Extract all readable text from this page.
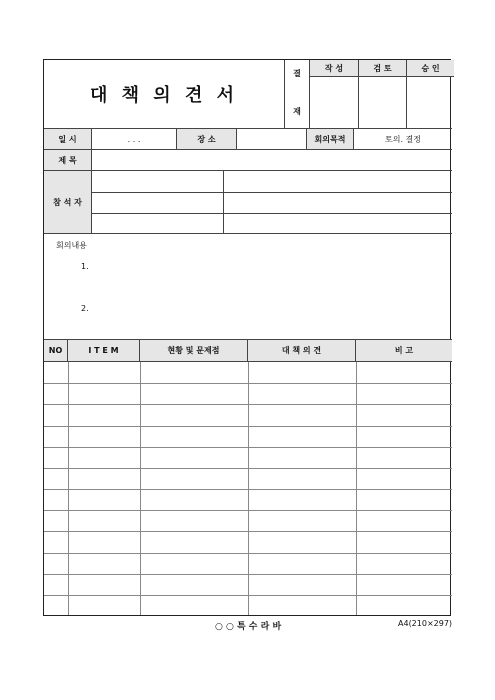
대 책 의 견 서
결
재
작 성	검 토	승 인
일 시	. . .	장 소	회의목적	토의. 결정
제 목
참 석 자
회의내용
1.
2.
NO	I T E M	현황 및 문제점	대 책 의 견	비 고
○ ○ 특 수 라 바	A4(210×297)
